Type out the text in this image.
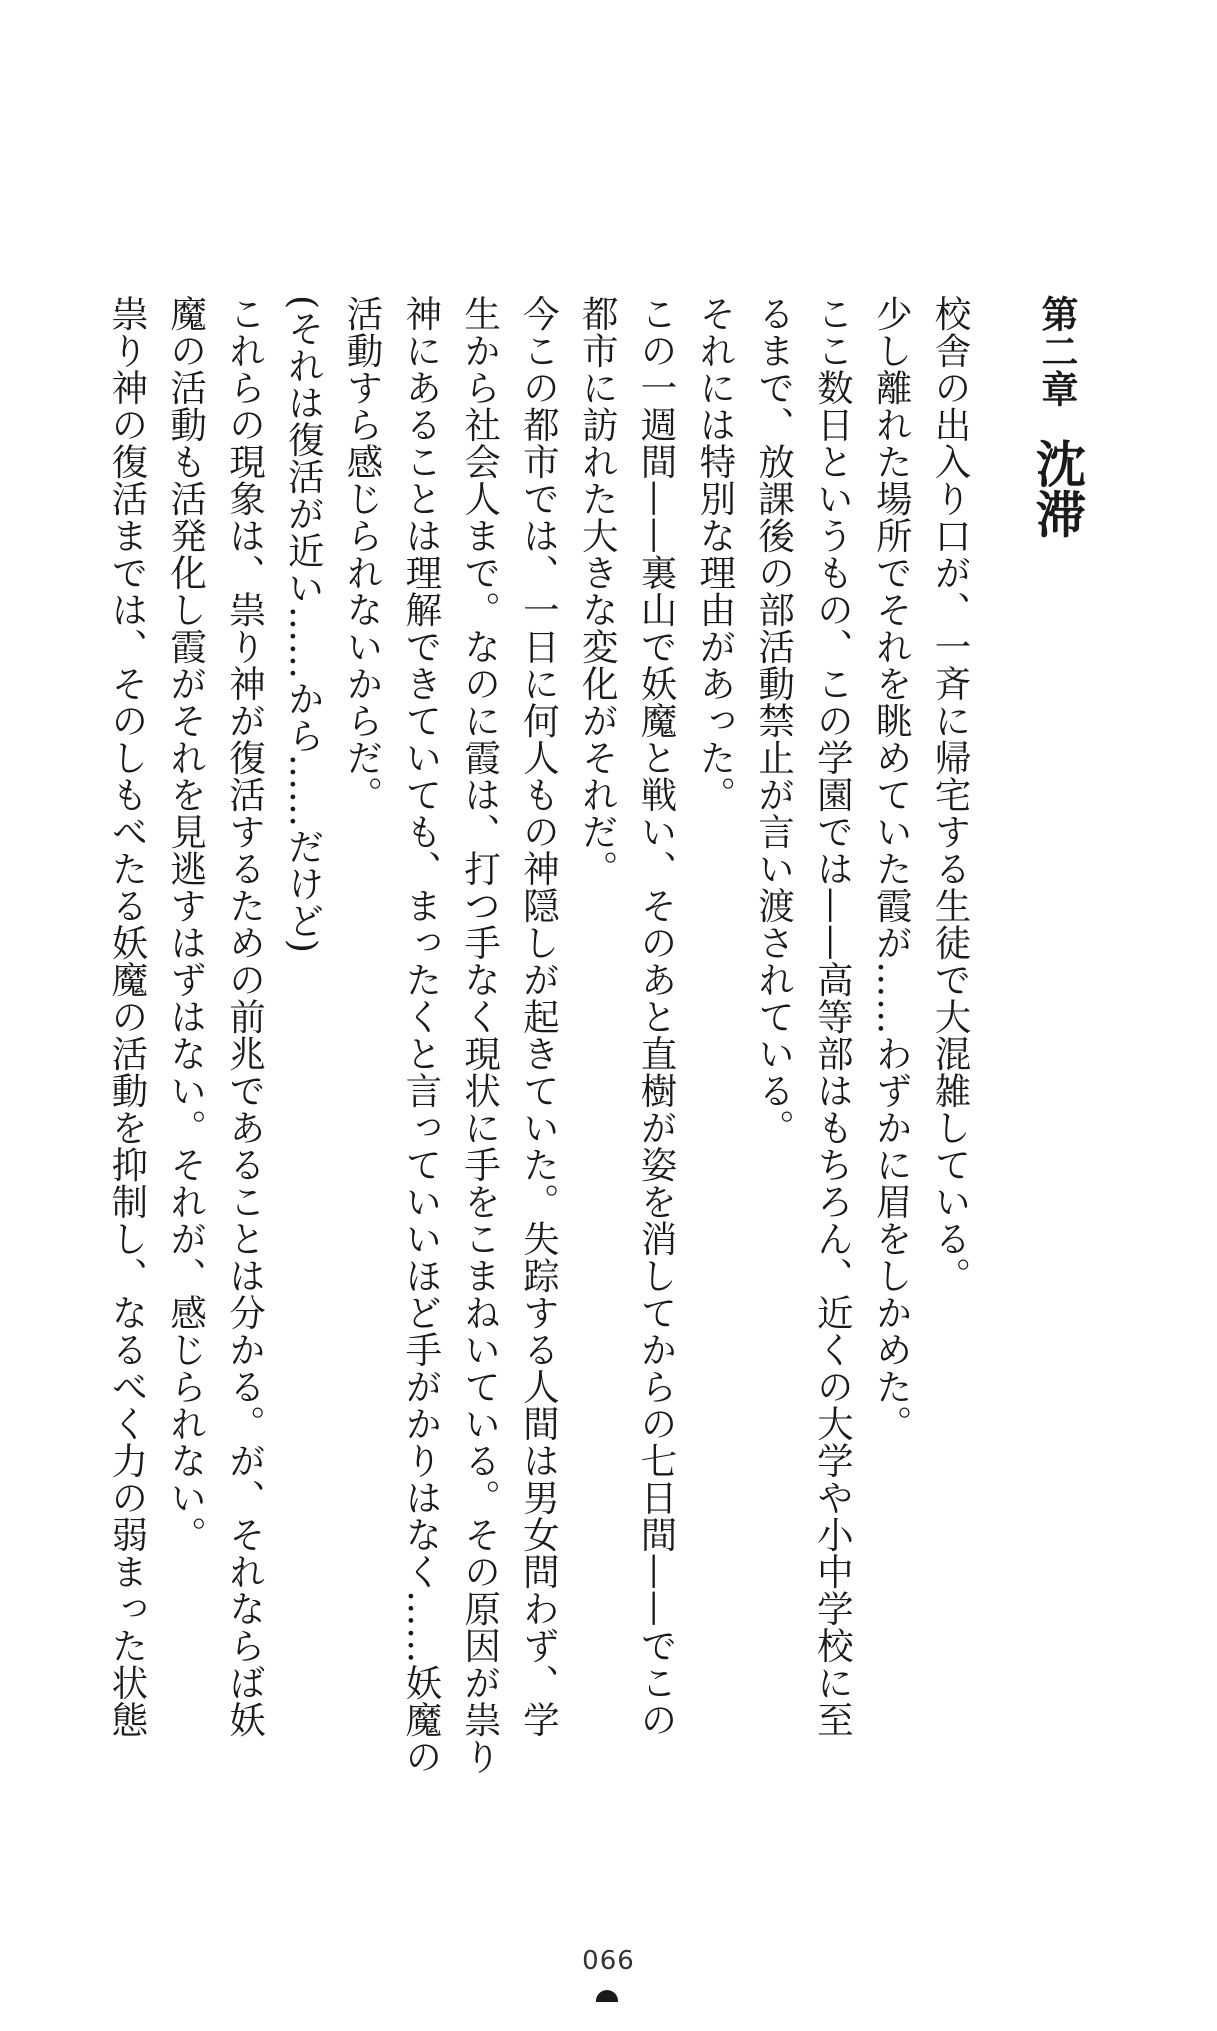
第二章沈滞
校舎の出入り口が、一斉に帰宅する生徒で大混雑している。
少し離れた場所でそれを眺めていた霞が……わずかに眉をしかめた。
ここ数日というもの、この学園では——高等部はもちろん、近くの大学や小中学校に至
るまで、放課後の部活動禁止が言い渡されている。
それには特別な理由があった。
この一週間——裏山で妖魔と戦い、そのあと直樹が姿を消してからの七日間——でこの
都市に訪れた大きな変化がそれだ。
今この都市では、一日に何人もの神隠しが起きていた。失踪する人間は男女問わず、学
生から社会人まで。なのに霞は、打つ手なく現状に手をこまねいている。その原因が祟り
神にあることは理解できていても、まったくと言っていいほど手がかりはなく……妖魔の
活動すら感じられないからだ。
(それは復活が近い……から……だけど)
これらの現象は、祟り神が復活するための前兆であることは分かる。が、それならば妖
魔の活動も活発化し霞がそれを見逃すはずはない。それが、感じられない。
祟り神の復活までは、そのしもべたる妖魔の活動を抑制し、なるべく力の弱まった状態
066
